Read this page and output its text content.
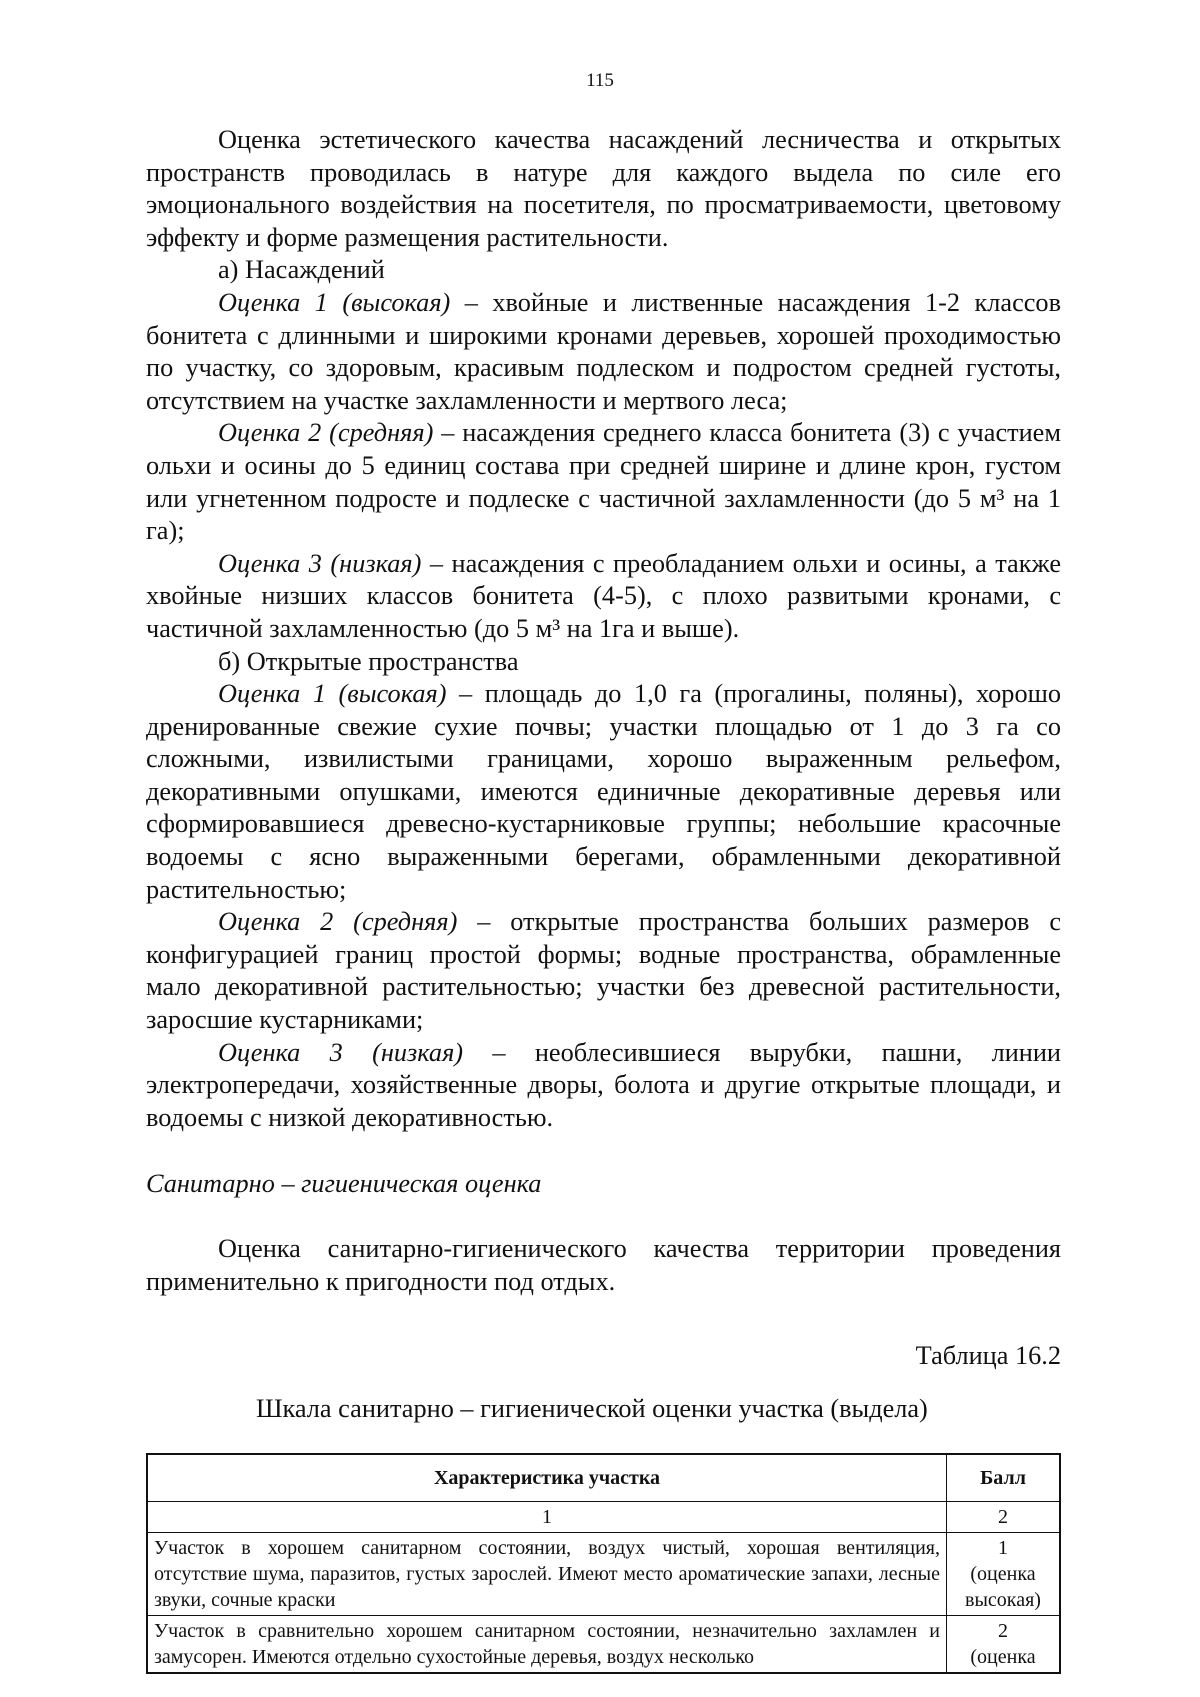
115

Оценка эстетического качества насаждений лесничества и открытых пространств проводилась в натуре для каждого выдела по силе его эмоционального воздействия на посетителя, по просматриваемости, цветовому эффекту и форме размещения растительности.

а) Насаждений

Оценка 1 (высокая) – хвойные и лиственные насаждения 1-2 классов бонитета с длинными и широкими кронами деревьев, хорошей проходимостью по участку, со здоровым, красивым подлеском и подростом средней густоты, отсутствием на участке захламленности и мертвого леса;

Оценка 2 (средняя) – насаждения среднего класса бонитета (3) с участием ольхи и осины до 5 единиц состава при средней ширине и длине крон, густом или угнетенном подросте и подлеске с частичной захламленности (до 5 м³ на 1 га);

Оценка 3 (низкая) – насаждения с преобладанием ольхи и осины, а также хвойные низших классов бонитета (4-5), с плохо развитыми кронами, с частичной захламленностью (до 5 м³ на 1га и выше).

б) Открытые пространства

Оценка 1 (высокая) – площадь до 1,0 га (прогалины, поляны), хорошо дренированные свежие сухие почвы; участки площадью от 1 до 3 га со сложными, извилистыми границами, хорошо выраженным рельефом, декоративными опушками, имеются единичные декоративные деревья или сформировавшиеся древесно-кустарниковые группы; небольшие красочные водоемы с ясно выраженными берегами, обрамленными декоративной растительностью;

Оценка 2 (средняя) – открытые пространства больших размеров с конфигурацией границ простой формы; водные пространства, обрамленные мало декоративной растительностью; участки без древесной растительности, заросшие кустарниками;

Оценка 3 (низкая) – необлесившиеся вырубки, пашни, линии электропередачи, хозяйственные дворы, болота и другие открытые площади, и водоемы с низкой декоративностью.

Санитарно – гигиеническая оценка

Оценка санитарно-гигиенического качества территории проведения применительно к пригодности под отдых.

Таблица 16.2

Шкала санитарно – гигиенической оценки участка (выдела)

Характеристика участка	Балл
1	2
Участок в хорошем санитарном состоянии, воздух чистый, хорошая вентиляция, отсутствие шума, паразитов, густых зарослей. Имеют место ароматические запахи, лесные звуки, сочные краски	1
(оценка высокая)

Участок в сравнительно хорошем санитарном состоянии, незначительно захламлен и замусорен. Имеются отдельно сухостойные деревья, воздух несколько	2
(оценка
